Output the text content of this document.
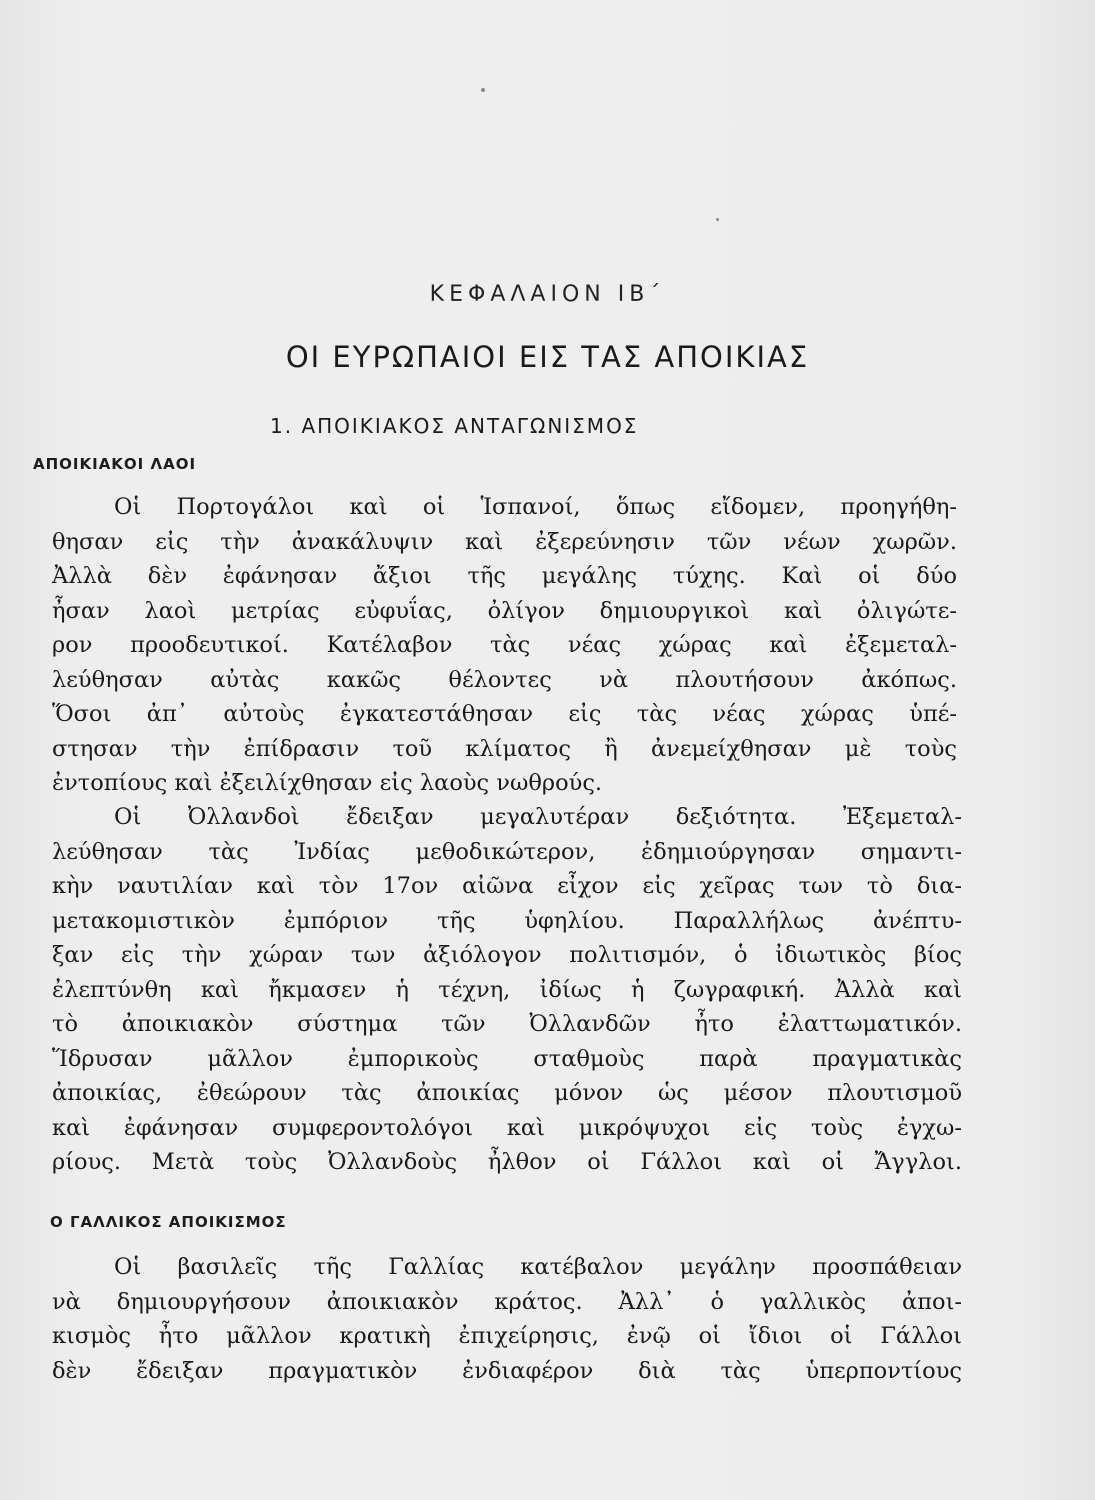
ΚΕΦΑΛΑΙΟΝ ΙΒ΄
ΟΙ ΕΥΡΩΠΑΙΟΙ ΕΙΣ ΤΑΣ ΑΠΟΙΚΙΑΣ
1. ΑΠΟΙΚΙΑΚΟΣ ΑΝΤΑΓΩΝΙΣΜΟΣ
ΑΠΟΙΚΙΑΚΟΙ ΛΑΟΙ
Οἱ Πορτογάλοι καὶ οἱ Ἱσπανοί, ὅπως εἴδομεν, προηγήθη-
θησαν εἰς τὴν ἀνακάλυψιν καὶ ἐξερεύνησιν τῶν νέων χωρῶν.
Ἀλλὰ δὲν ἐφάνησαν ἄξιοι τῆς μεγάλης τύχης. Καὶ οἱ δύο
ἦσαν λαοὶ μετρίας εὐφυΐας, ὀλίγον δημιουργικοὶ καὶ ὀλιγώτε-
ρον προοδευτικοί. Κατέλαβον τὰς νέας χώρας καὶ ἐξεμεταλ-
λεύθησαν αὐτὰς κακῶς θέλοντες νὰ πλουτήσουν ἀκόπως.
Ὅσοι ἀπ᾿ αὐτοὺς ἐγκατεστάθησαν εἰς τὰς νέας χώρας ὑπέ-
στησαν τὴν ἐπίδρασιν τοῦ κλίματος ἢ ἀνεμείχθησαν μὲ τοὺς
ἐντοπίους καὶ ἐξειλίχθησαν εἰς λαοὺς νωθρούς.
Οἱ Ὀλλανδοὶ ἔδειξαν μεγαλυτέραν δεξιότητα. Ἐξεμεταλ-
λεύθησαν τὰς Ἰνδίας μεθοδικώτερον, ἐδημιούργησαν σημαντι-
κὴν ναυτιλίαν καὶ τὸν 17ον αἰῶνα εἶχον εἰς χεῖρας των τὸ δια-
μετακομιστικὸν ἐμπόριον τῆς ὑφηλίου. Παραλλήλως ἀνέπτυ-
ξαν εἰς τὴν χώραν των ἀξιόλογον πολιτισμόν, ὁ ἰδιωτικὸς βίος
ἐλεπτύνθη καὶ ἤκμασεν ἡ τέχνη, ἰδίως ἡ ζωγραφική. Ἀλλὰ καὶ
τὸ ἀποικιακὸν σύστημα τῶν Ὀλλανδῶν ἦτο ἐλαττωματικόν.
Ἵδρυσαν μᾶλλον ἐμπορικοὺς σταθμοὺς παρὰ πραγματικὰς
ἀποικίας, ἐθεώρουν τὰς ἀποικίας μόνον ὡς μέσον πλουτισμοῦ
καὶ ἐφάνησαν συμφεροντολόγοι καὶ μικρόψυχοι εἰς τοὺς ἐγχω-
ρίους. Μετὰ τοὺς Ὀλλανδοὺς ἦλθον οἱ Γάλλοι καὶ οἱ Ἄγγλοι.
Ο ΓΑΛΛΙΚΟΣ ΑΠΟΙΚΙΣΜΟΣ
Οἱ βασιλεῖς τῆς Γαλλίας κατέβαλον μεγάλην προσπάθειαν
νὰ δημιουργήσουν ἀποικιακὸν κράτος. Ἀλλ᾿ ὁ γαλλικὸς ἀποι-
κισμὸς ἦτο μᾶλλον κρατικὴ ἐπιχείρησις, ἐνῷ οἱ ἴδιοι οἱ Γάλλοι
δὲν ἔδειξαν πραγματικὸν ἐνδιαφέρον διὰ τὰς ὑπερποντίους
